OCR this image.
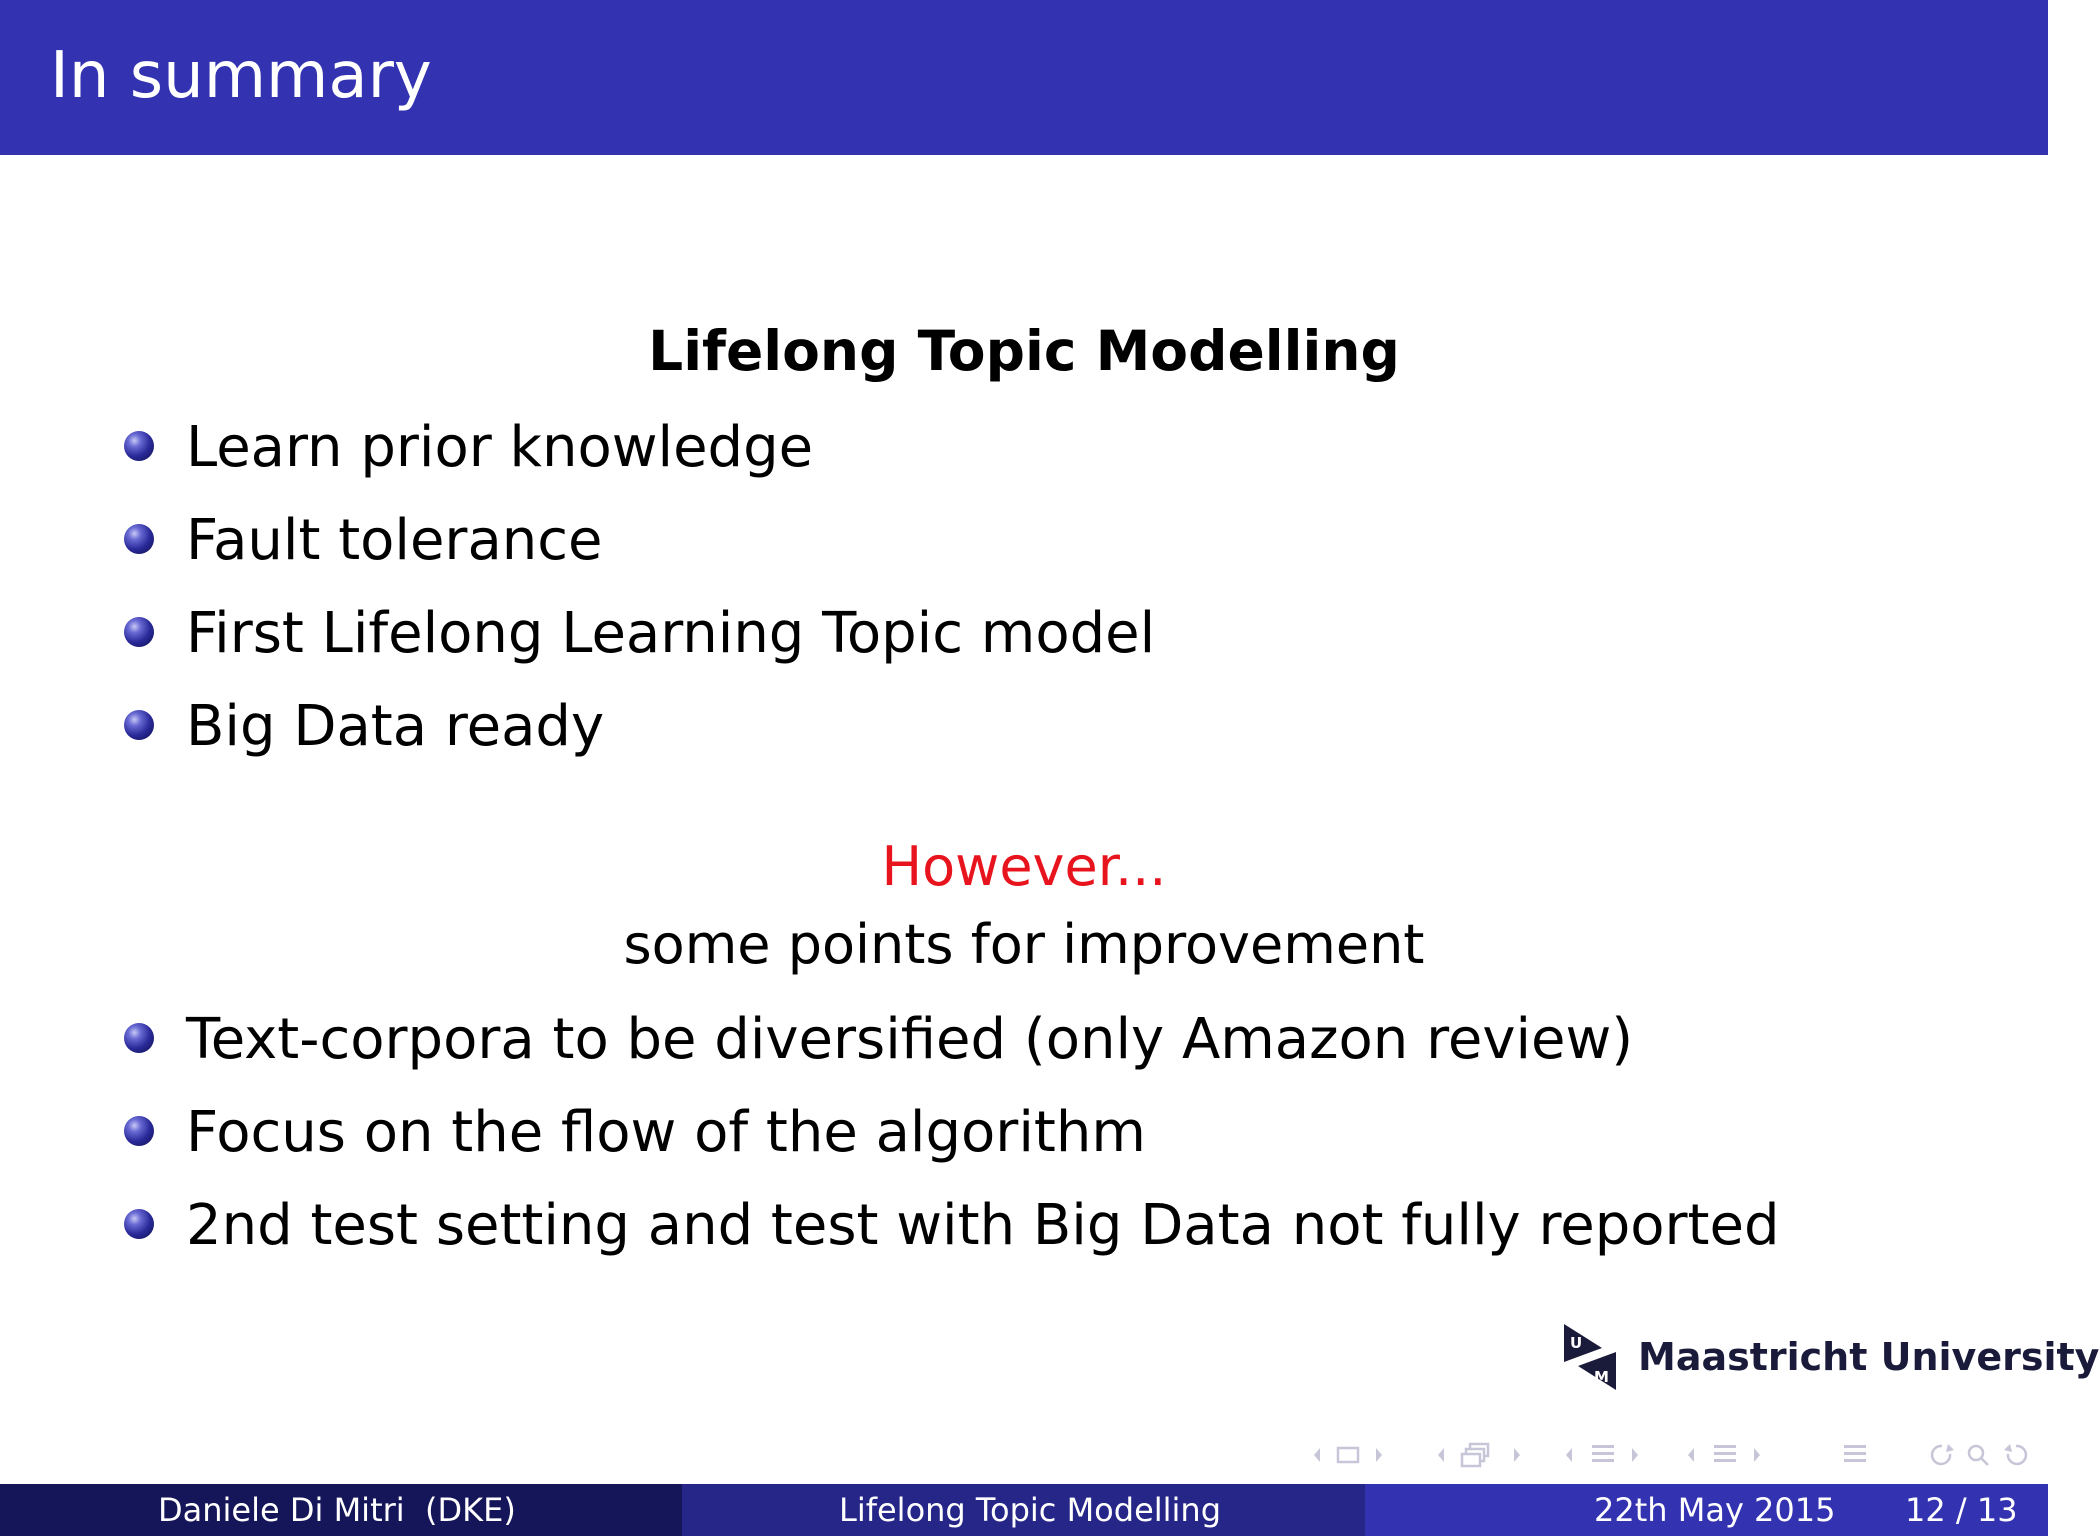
In summary
Lifelong Topic Modelling
Learn prior knowledge
Fault tolerance
First Lifelong Learning Topic model
Big Data ready
However...
some points for improvement
Text-corpora to be diversified (only Amazon review)
Focus on the flow of the algorithm
2nd test setting and test with Big Data not fully reported
U
M Maastricht University
Daniele Di Mitri  (DKE)	Lifelong Topic Modelling	22th May 2015 12 / 13
